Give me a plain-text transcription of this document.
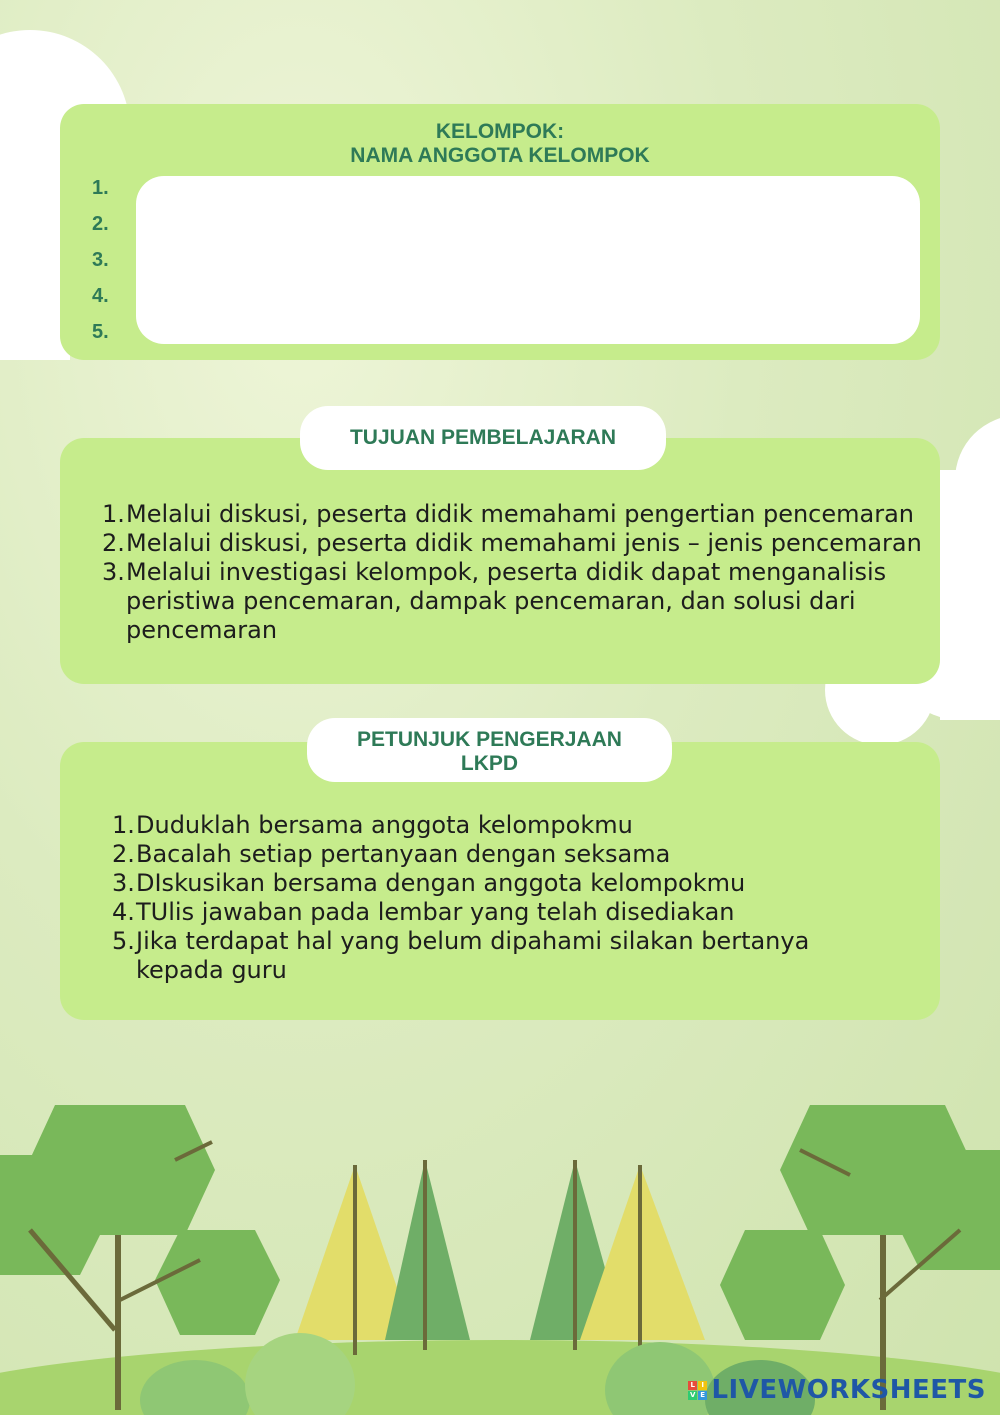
KELOMPOK:
NAMA ANGGOTA KELOMPOK
1.
2.
3.
4.
5.
TUJUAN PEMBELAJARAN
Melalui diskusi, peserta didik memahami pengertian pencemaran
Melalui diskusi, peserta didik memahami jenis – jenis pencemaran
Melalui investigasi kelompok, peserta didik dapat menganalisis peristiwa pencemaran, dampak pencemaran, dan solusi dari pencemaran
PETUNJUK PENGERJAAN
LKPD
Duduklah bersama anggota kelompokmu
Bacalah setiap pertanyaan dengan seksama
DIskusikan bersama dengan anggota kelompokmu
TUlis jawaban pada lembar yang telah disediakan
Jika terdapat hal yang belum dipahami silakan bertanya kepada guru
L I
V E LIVEWORKSHEETS
